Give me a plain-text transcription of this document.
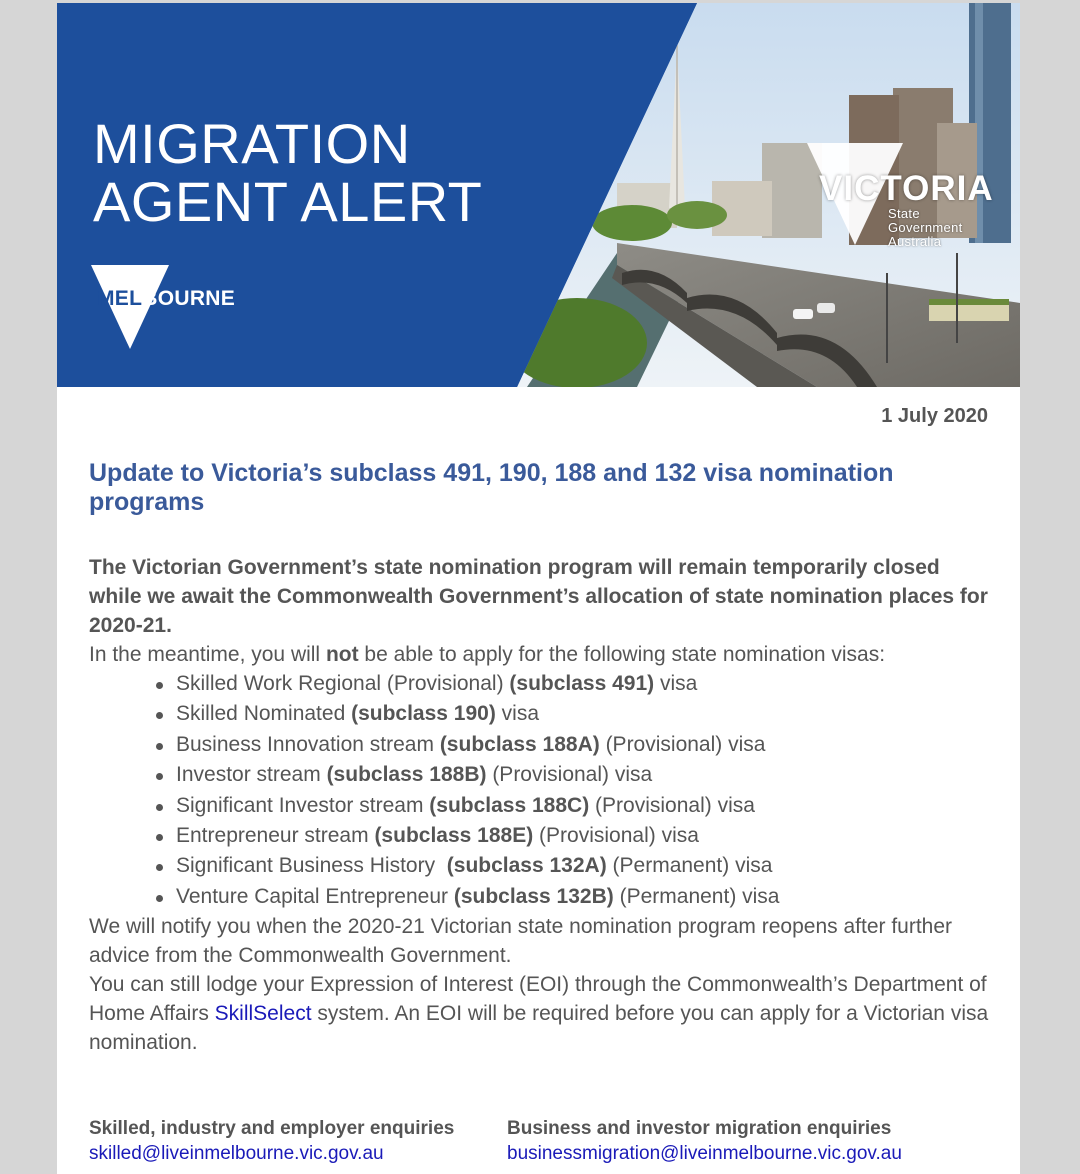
MIGRATION
AGENT ALERT
MELBOURNE
VICTORIA
State
Government
Australia

1 July 2020

Update to Victoria’s subclass 491, 190, 188 and 132 visa nomination programs

The Victorian Government’s state nomination program will remain temporarily closed while we await the Commonwealth Government’s allocation of state nomination places for 2020-21.

In the meantime, you will not be able to apply for the following state nomination visas:

Skilled Work Regional (Provisional) (subclass 491) visa
Skilled Nominated (subclass 190) visa
Business Innovation stream (subclass 188A) (Provisional) visa
Investor stream (subclass 188B) (Provisional) visa
Significant Investor stream (subclass 188C) (Provisional) visa
Entrepreneur stream (subclass 188E) (Provisional) visa
Significant Business History  (subclass 132A) (Permanent) visa
Venture Capital Entrepreneur (subclass 132B) (Permanent) visa

We will notify you when the 2020-21 Victorian state nomination program reopens after further advice from the Commonwealth Government.

You can still lodge your Expression of Interest (EOI) through the Commonwealth’s Department of Home Affairs SkillSelect system. An EOI will be required before you can apply for a Victorian visa nomination.

Skilled, industry and employer enquiries

skilled@liveinmelbourne.vic.gov.au

Business and investor migration enquiries

businessmigration@liveinmelbourne.vic.gov.au
